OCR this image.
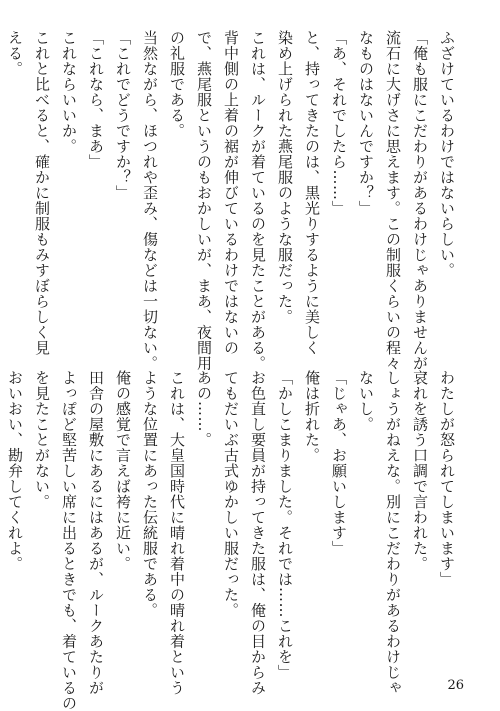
ふざけているわけではないらしい。
「俺も服にこだわりがあるわけじゃありませんが、
流石に大げさに思えます。この制服くらいの程々
なものはないんですか？」
「あ、それでしたら……」
と、持ってきたのは、黒光りするように美しく
染め上げられた燕尾服のような服だった。
これは、ルークが着ているのを見たことがある。
背中側の上着の裾が伸びているわけではないの
で、燕尾服というのもおかしいが、まあ、夜間用
の礼服である。
当然ながら、ほつれや歪み、傷などは一切ない。
「これでどうですか？」
「これなら、まあ」
これならいいか。
これと比べると、確かに制服もみすぼらしく見
える。
わたしが怒られてしまいます」
哀れを誘う口調で言われた。
しょうがねえな。別にこだわりがあるわけじゃ
ないし。
「じゃあ、お願いします」
俺は折れた。
「かしこまりました。それでは……これを」
お色直し要員が持ってきた服は、俺の目からみ
てもだいぶ古式ゆかしい服だった。
あの……。
これは、大皇国時代に晴れ着中の晴れ着という
ような位置にあった伝統服である。
俺の感覚で言えば袴に近い。
田舎の屋敷にあるにはあるが、ルークあたりが
よっぽど堅苦しい席に出るときでも、着ているの
を見たことがない。
おいおい、勘弁してくれよ。
26
